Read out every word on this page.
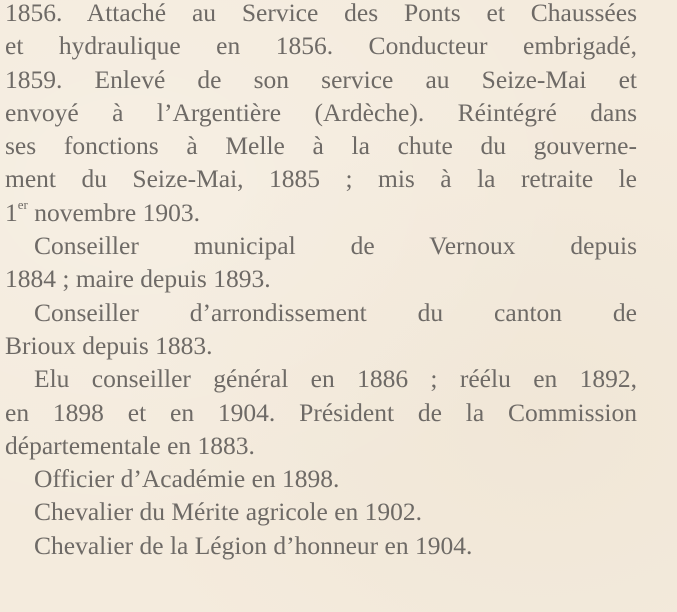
1856. Attaché au Service des Ponts et Chaussées
et hydraulique en 1856. Conducteur embrigadé,
1859. Enlevé de son service au Seize-Mai et
envoyé à l’Argentière (Ardèche). Réintégré dans
ses fonctions à Melle à la chute du gouverne-
ment du Seize-Mai, 1885 ; mis à la retraite le
1er novembre 1903.
Conseiller municipal de Vernoux depuis
1884 ; maire depuis 1893.
Conseiller d’arrondissement du canton de
Brioux depuis 1883.
Elu conseiller général en 1886 ; réélu en 1892,
en 1898 et en 1904. Président de la Commission
départementale en 1883.
Officier d’Académie en 1898.
Chevalier du Mérite agricole en 1902.
Chevalier de la Légion d’honneur en 1904.
